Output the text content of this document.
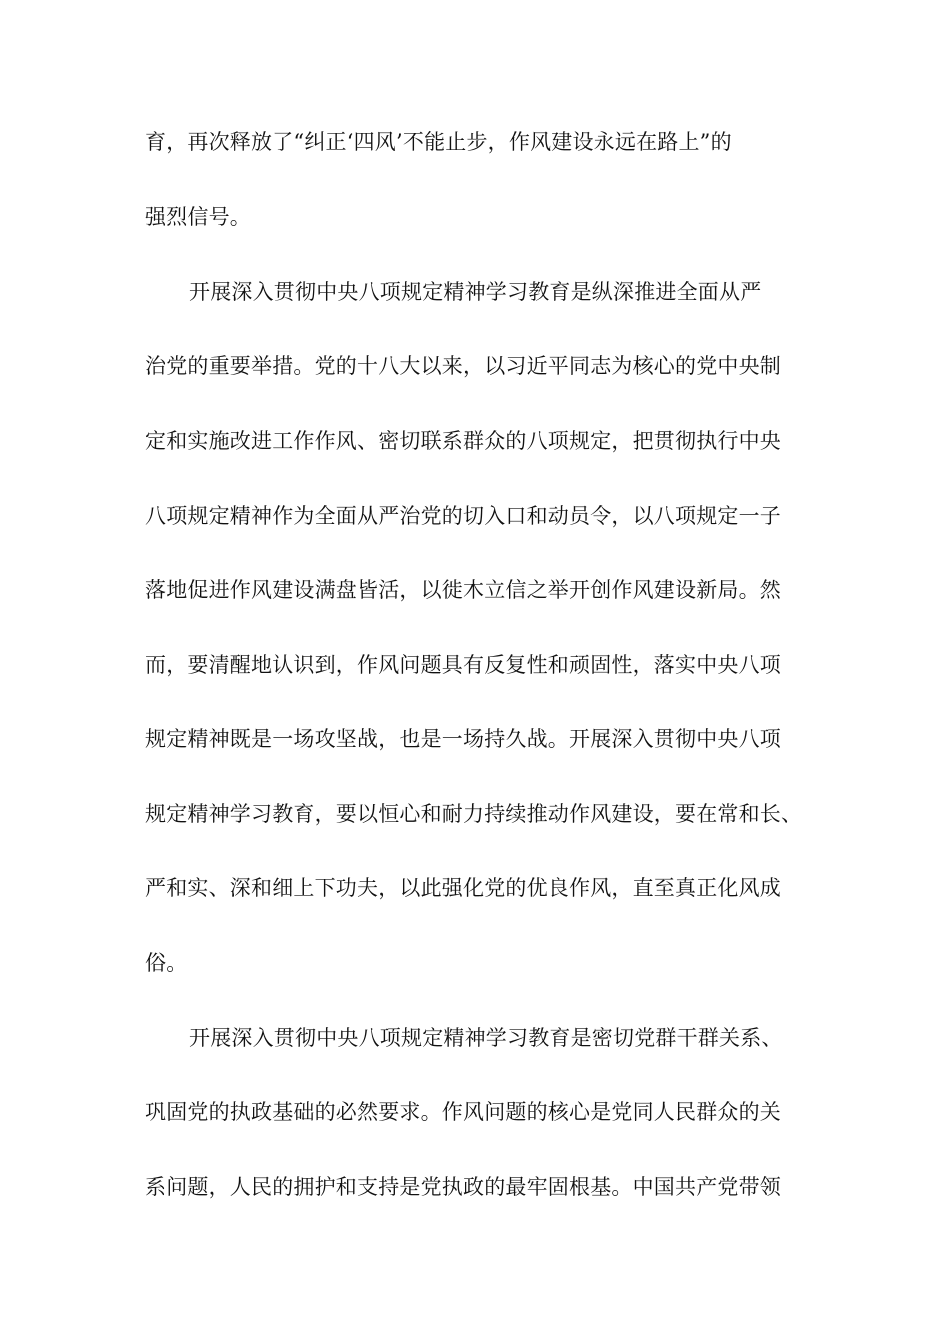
育，再次释放了“纠正‘四风’不能止步，作风建设永远在路上”的
强烈信号。
开展深入贯彻中央八项规定精神学习教育是纵深推进全面从严
治党的重要举措。党的十八大以来，以习近平同志为核心的党中央制
定和实施改进工作作风、密切联系群众的八项规定，把贯彻执行中央
八项规定精神作为全面从严治党的切入口和动员令，以八项规定一子
落地促进作风建设满盘皆活，以徙木立信之举开创作风建设新局。然
而，要清醒地认识到，作风问题具有反复性和顽固性，落实中央八项
规定精神既是一场攻坚战，也是一场持久战。开展深入贯彻中央八项
规定精神学习教育，要以恒心和耐力持续推动作风建设，要在常和长、
严和实、深和细上下功夫，以此强化党的优良作风，直至真正化风成
俗。
开展深入贯彻中央八项规定精神学习教育是密切党群干群关系、
巩固党的执政基础的必然要求。作风问题的核心是党同人民群众的关
系问题，人民的拥护和支持是党执政的最牢固根基。中国共产党带领
